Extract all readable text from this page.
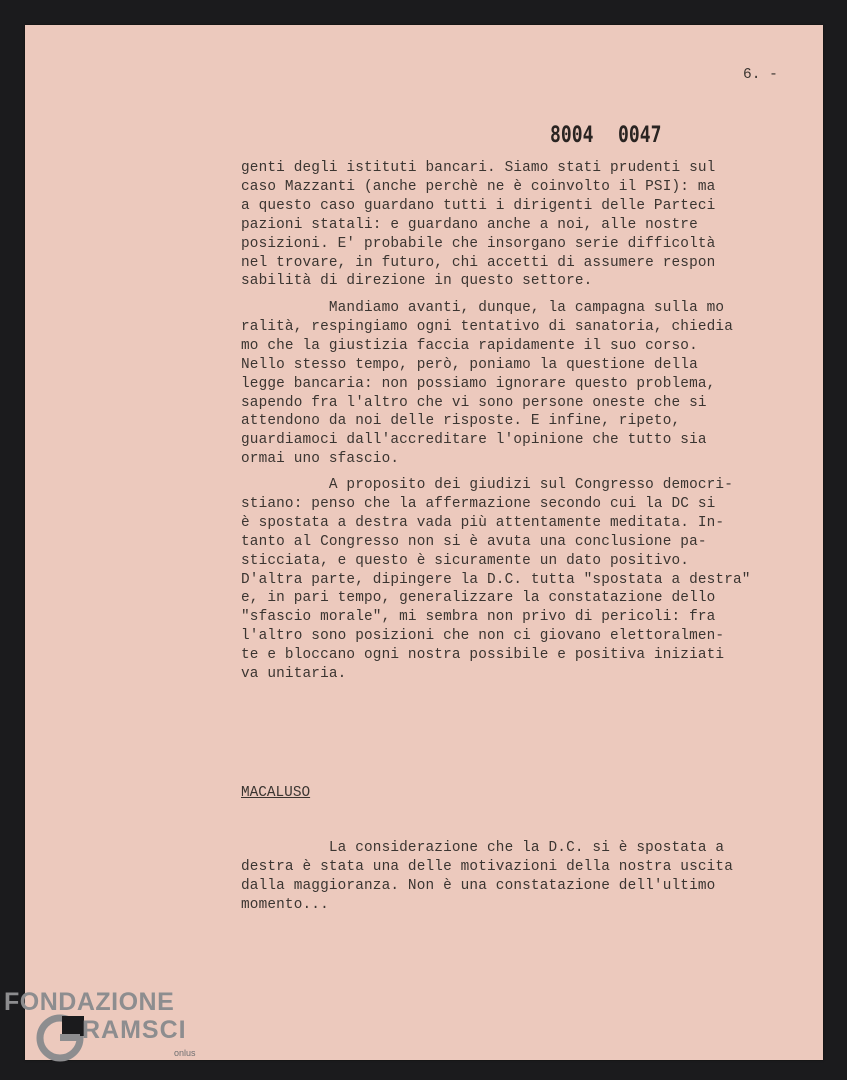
6. -
8004 0047
genti degli istituti bancari. Siamo stati prudenti sul
caso Mazzanti (anche perchè ne è coinvolto il PSI): ma
a questo caso guardano tutti i dirigenti delle Parteci
pazioni statali: e guardano anche a noi, alle nostre
posizioni. E' probabile che insorgano serie difficoltà
nel trovare, in futuro, chi accetti di assumere respon
sabilità di direzione in questo settore.
Mandiamo avanti, dunque, la campagna sulla mo
ralità, respingiamo ogni tentativo di sanatoria, chiedia
mo che la giustizia faccia rapidamente il suo corso.
Nello stesso tempo, però, poniamo la questione della
legge bancaria: non possiamo ignorare questo problema,
sapendo fra l'altro che vi sono persone oneste che si
attendono da noi delle risposte. E infine, ripeto,
guardiamoci dall'accreditare l'opinione che tutto sia
ormai uno sfascio.
A proposito dei giudizi sul Congresso democri-
stiano: penso che la affermazione secondo cui la DC si
è spostata a destra vada più attentamente meditata. In-
tanto al Congresso non si è avuta una conclusione pa-
sticciata, e questo è sicuramente un dato positivo.
D'altra parte, dipingere la D.C. tutta "spostata a destra"
e, in pari tempo, generalizzare la constatazione dello
"sfascio morale", mi sembra non privo di pericoli: fra
l'altro sono posizioni che non ci giovano elettoralmen-
te e bloccano ogni nostra possibile e positiva iniziati
va unitaria.
MACALUSO
La considerazione che la D.C. si è spostata a
destra è stata una delle motivazioni della nostra uscita
dalla maggioranza. Non è una constatazione dell'ultimo
momento...
FONDAZIONE
RAMSCI
onlus
